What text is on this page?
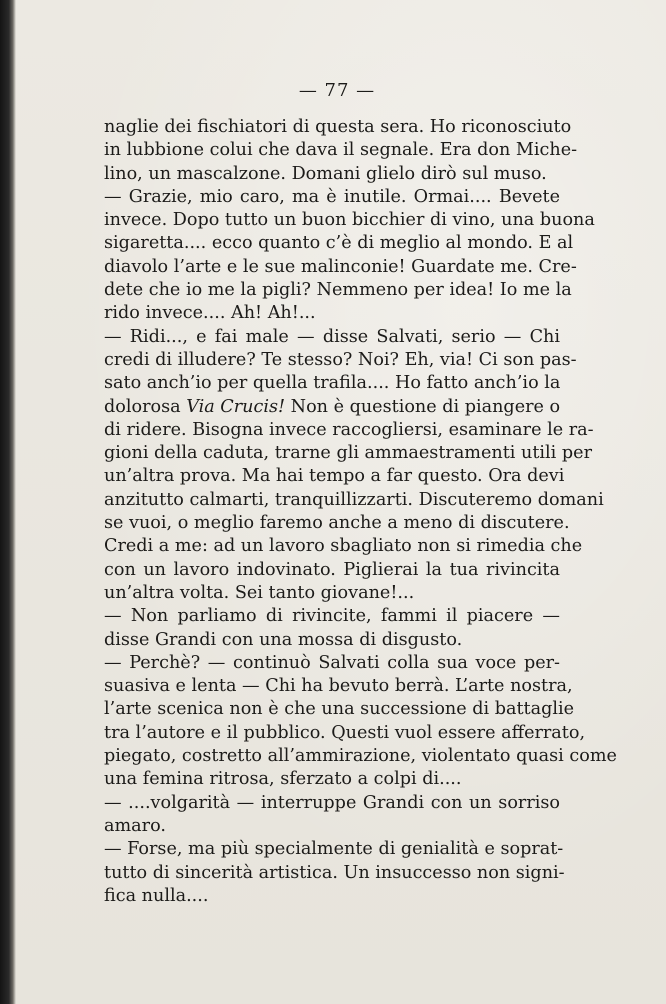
— 77 —
naglie dei fischiatori di questa sera. Ho riconosciuto
in lubbione colui che dava il segnale. Era don Miche-
lino, un mascalzone. Domani glielo dirò sul muso.
— Grazie, mio caro, ma è inutile. Ormai.... Bevete
invece. Dopo tutto un buon bicchier di vino, una buona
sigaretta.... ecco quanto c’è di meglio al mondo. E al
diavolo l’arte e le sue malinconie! Guardate me. Cre-
dete che io me la pigli? Nemmeno per idea! Io me la
rido invece.... Ah! Ah!...
— Ridi..., e fai male — disse Salvati, serio — Chi
credi di illudere? Te stesso? Noi? Eh, via! Ci son pas-
sato anch’io per quella trafila.... Ho fatto anch’io la
dolorosa Via Crucis! Non è questione di piangere o
di ridere. Bisogna invece raccogliersi, esaminare le ra-
gioni della caduta, trarne gli ammaestramenti utili per
un’altra prova. Ma hai tempo a far questo. Ora devi
anzitutto calmarti, tranquillizzarti. Discuteremo domani
se vuoi, o meglio faremo anche a meno di discutere.
Credi a me: ad un lavoro sbagliato non si rimedia che
con un lavoro indovinato. Piglierai la tua rivincita
un’altra volta. Sei tanto giovane!...
— Non parliamo di rivincite, fammi il piacere —
disse Grandi con una mossa di disgusto.
— Perchè? — continuò Salvati colla sua voce per-
suasiva e lenta — Chi ha bevuto berrà. L’arte nostra,
l’arte scenica non è che una successione di battaglie
tra l’autore e il pubblico. Questi vuol essere afferrato,
piegato, costretto all’ammirazione, violentato quasi come
una femina ritrosa, sferzato a colpi di....
— ....volgarità — interruppe Grandi con un sorriso
amaro.
— Forse, ma più specialmente di genialità e soprat-
tutto di sincerità artistica. Un insuccesso non signi-
fica nulla....
